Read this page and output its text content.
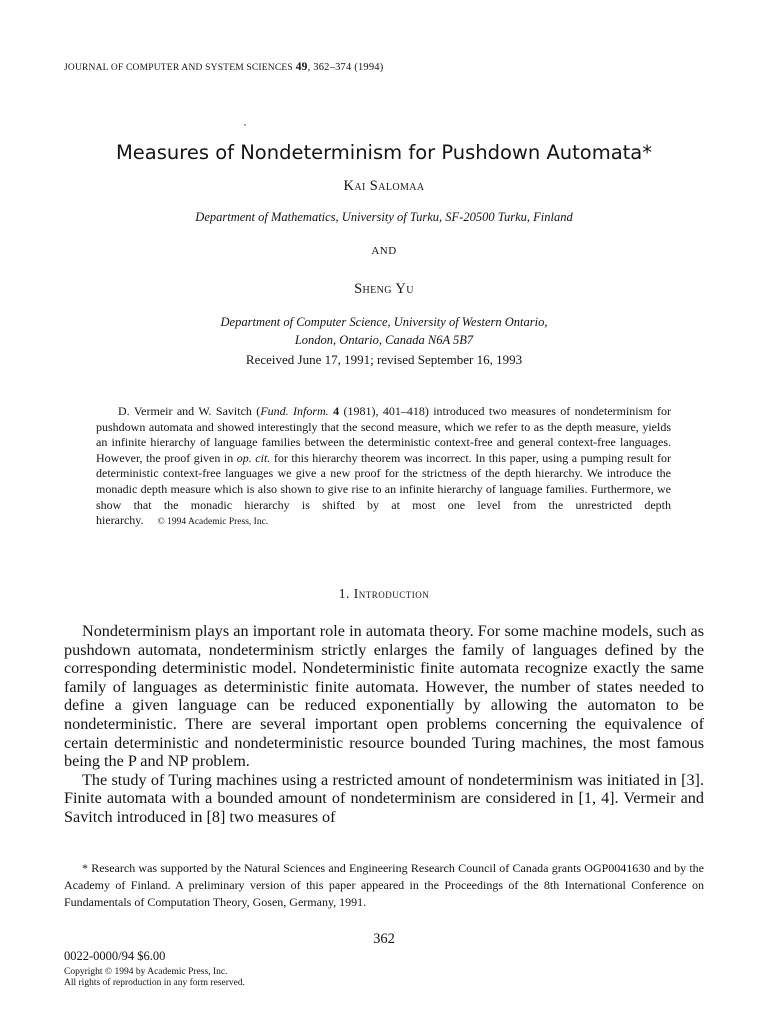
JOURNAL OF COMPUTER AND SYSTEM SCIENCES 49, 362–374 (1994)
Measures of Nondeterminism for Pushdown Automata*
Kai Salomaa
Department of Mathematics, University of Turku, SF-20500 Turku, Finland
AND
Sheng Yu
Department of Computer Science, University of Western Ontario,
London, Ontario, Canada N6A 5B7
Received June 17, 1991; revised September 16, 1993
D. Vermeir and W. Savitch (Fund. Inform. 4 (1981), 401–418) introduced two measures of nondeterminism for pushdown automata and showed interestingly that the second measure, which we refer to as the depth measure, yields an infinite hierarchy of language families between the deterministic context-free and general context-free languages. However, the proof given in op. cit. for this hierarchy theorem was incorrect. In this paper, using a pumping result for deterministic context-free languages we give a new proof for the strictness of the depth hierarchy. We introduce the monadic depth measure which is also shown to give rise to an infinite hierarchy of language families. Furthermore, we show that the monadic hierarchy is shifted by at most one level from the unrestricted depth hierarchy. © 1994 Academic Press, Inc.
1. Introduction

Nondeterminism plays an important role in automata theory. For some machine models, such as pushdown automata, nondeterminism strictly enlarges the family of languages defined by the corresponding deterministic model. Nondeterministic finite automata recognize exactly the same family of languages as deterministic finite automata. However, the number of states needed to define a given language can be reduced exponentially by allowing the automaton to be nondeterministic. There are several important open problems concerning the equivalence of certain deterministic and nondeterministic resource bounded Turing machines, the most famous being the P and NP problem.

The study of Turing machines using a restricted amount of nondeterminism was initiated in [3]. Finite automata with a bounded amount of nondeterminism are considered in [1, 4]. Vermeir and Savitch introduced in [8] two measures of

* Research was supported by the Natural Sciences and Engineering Research Council of Canada grants OGP0041630 and by the Academy of Finland. A preliminary version of this paper appeared in the Proceedings of the 8th International Conference on Fundamentals of Computation Theory, Gosen, Germany, 1991.
362
0022-0000/94 $6.00
Copyright © 1994 by Academic Press, Inc.
All rights of reproduction in any form reserved.
